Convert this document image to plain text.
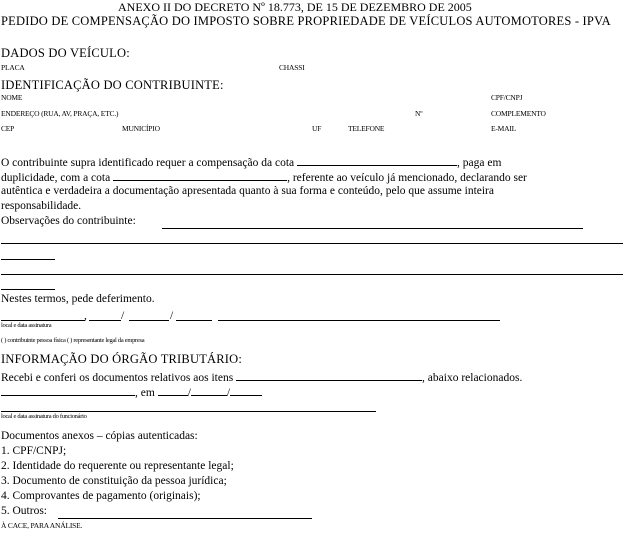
ANEXO II DO DECRETO Nº 18.773, DE 15 DE DEZEMBRO DE 2005
PEDIDO DE COMPENSAÇÃO DO IMPOSTO SOBRE PROPRIEDADE DE VEÍCULOS AUTOMOTORES - IPVA
DADOS DO VEÍCULO:
PLACA	CHASSI
IDENTIFICAÇÃO DO CONTRIBUINTE:
NOME	CPF/CNPJ
ENDEREÇO (RUA, AV, PRAÇA, ETC.)	Nº	COMPLEMENTO
CEP	MUNICÍPIO	UF	TELEFONE	E-MAIL
O contribuinte supra identificado requer a compensação da cota	, paga em
duplicidade, com a cota	, referente ao veículo já mencionado, declarando ser
autêntica e verdadeira a documentação apresentada quanto à sua forma e conteúdo, pelo que assume inteira
responsabilidade.
Observações do contribuinte:
Nestes termos, pede deferimento.
,	/	/
local e data assinatura
( ) contribuinte pessoa física ( ) representante legal da empresa
INFORMAÇÃO DO ÓRGÃO TRIBUTÁRIO:
Recebi e conferi os documentos relativos aos itens	, abaixo relacionados.
, em	/	/
local e data assinatura do funcionário
Documentos anexos – cópias autenticadas:
1. CPF/CNPJ;
2. Identidade do requerente ou representante legal;
3. Documento de constituição da pessoa jurídica;
4. Comprovantes de pagamento (originais);
5. Outros:
À CACE, PARA ANÁLISE.
